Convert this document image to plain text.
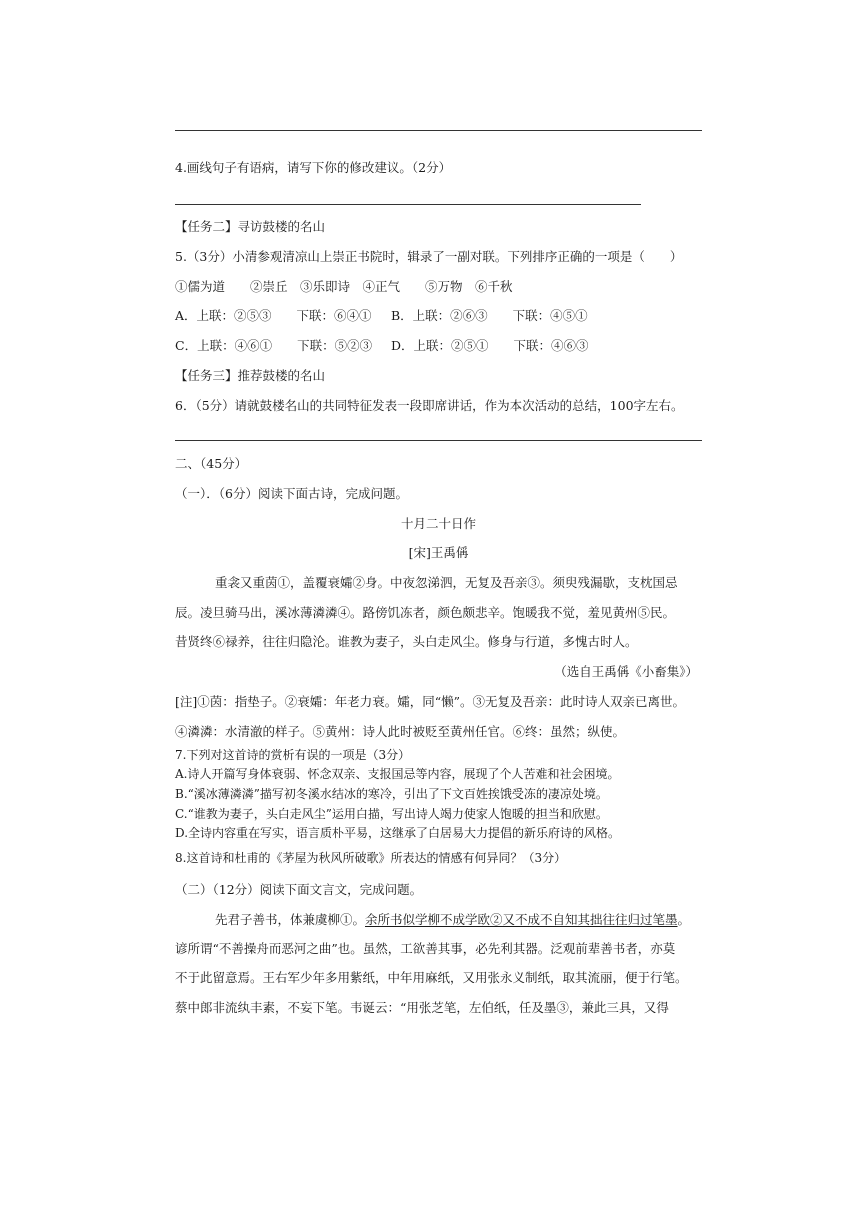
4.画线句子有语病，请写下你的修改建议。（2分）
【任务二】寻访鼓楼的名山
5.（3分）小清参观清凉山上崇正书院时，辑录了一副对联。下列排序正确的一项是（　　）
①儒为道　　②崇丘　③乐即诗　④正气　　⑤万物　⑥千秋
A．上联：②⑤③　　下联：⑥④① B．上联：②⑥③　　下联：④⑤①
C．上联：④⑥①　　下联：⑤②③ D．上联：②⑤①　　下联：④⑥③
【任务三】推荐鼓楼的名山
6．（5分）请就鼓楼名山的共同特征发表一段即席讲话，作为本次活动的总结，100字左右。
二、（45分）
（一）．（6分）阅读下面古诗，完成问题。
十月二十日作
[宋]王禹偁
重衾又重茵①，盖覆衰孀②身。中夜忽涕泗，无复及吾亲③。须臾残漏歇，支枕国忌
辰。凌旦骑马出，溪冰薄潾潾④。路傍饥冻者，颜色颇悲辛。饱暖我不觉，羞见黄州⑤民。
昔贤终⑥禄养，往往归隐沦。谁教为妻子，头白走风尘。修身与行道，多愧古时人。
（选自王禹偁《小畜集》）
[注]①茵：指垫子。②衰孀：年老力衰。孀，同“懒”。③无复及吾亲：此时诗人双亲已离世。
④潾潾：水清澈的样子。⑤黄州：诗人此时被贬至黄州任官。⑥终：虽然；纵使。
7.下列对这首诗的赏析有误的一项是（3分）
A.诗人开篇写身体衰弱、怀念双亲、支报国忌等内容，展现了个人苦难和社会困境。
B.“溪冰薄潾潾”描写初冬溪水结冰的寒冷，引出了下文百姓挨饿受冻的凄凉处境。
C.“谁教为妻子，头白走风尘”运用白描，写出诗人竭力使家人饱暖的担当和欣慰。
D.全诗内容重在写实，语言质朴平易，这继承了白居易大力提倡的新乐府诗的风格。
8.这首诗和杜甫的《茅屋为秋风所破歌》所表达的情感有何异同？（3分）
（二）（12分）阅读下面文言文，完成问题。
先君子善书，体兼虞柳①。余所书似学柳不成学欧②又不成不自知其拙往往归过笔墨。
谚所谓“不善操舟而恶河之曲”也。虽然，工欲善其事，必先利其器。泛观前辈善书者，亦莫
不于此留意焉。王右军少年多用紫纸，中年用麻纸，又用张永义制纸，取其流丽，便于行笔。
蔡中郎非流纨丰素，不妄下笔。韦诞云：“用张芝笔，左伯纸，任及墨③，兼此三具，又得
